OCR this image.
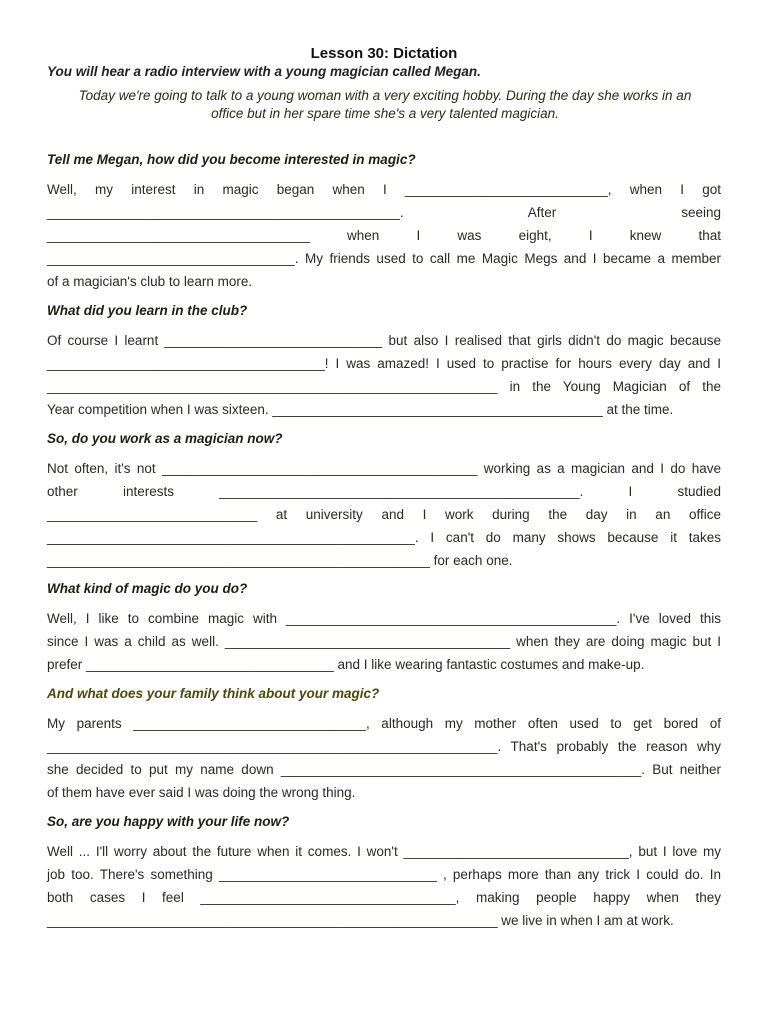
Lesson 30: Dictation
You will hear a radio interview with a young magician called Megan.
Today we're going to talk to a young woman with a very exciting hobby. During the day she works in an
office but in her spare time she's a very talented magician.
Tell me Megan, how did you become interested in magic?
Well, my interest in magic began when I ___________________________, when I got
_______________________________________________. After seeing
___________________________________ when I was eight, I knew that
_________________________________. My friends used to call me Magic Megs and I became a member
of a magician's club to learn more.
What did you learn in the club?
Of course I learnt _____________________________ but also I realised that girls didn't do magic because
_____________________________________! I was amazed! I used to practise for hours every day and I
____________________________________________________________ in the Young Magician of the
Year competition when I was sixteen. ____________________________________________ at the time.
So, do you work as a magician now?
Not often, it's not __________________________________________ working as a magician and I do have
other interests ________________________________________________. I studied
____________________________ at university and I work during the day in an office
_________________________________________________. I can't do many shows because it takes
___________________________________________________ for each one.
What kind of magic do you do?
Well, I like to combine magic with ____________________________________________. I've loved this
since I was a child as well. ______________________________________ when they are doing magic but I
prefer _________________________________ and I like wearing fantastic costumes and make-up.
And what does your family think about your magic?
My parents _______________________________, although my mother often used to get bored of
____________________________________________________________. That's probably the reason why
she decided to put my name down ________________________________________________. But neither
of them have ever said I was doing the wrong thing.
So, are you happy with your life now?
Well ... I'll worry about the future when it comes. I won't ______________________________, but I love my
job too. There's something _____________________________ , perhaps more than any trick I could do. In
both cases I feel __________________________________, making people happy when they
____________________________________________________________ we live in when I am at work.
